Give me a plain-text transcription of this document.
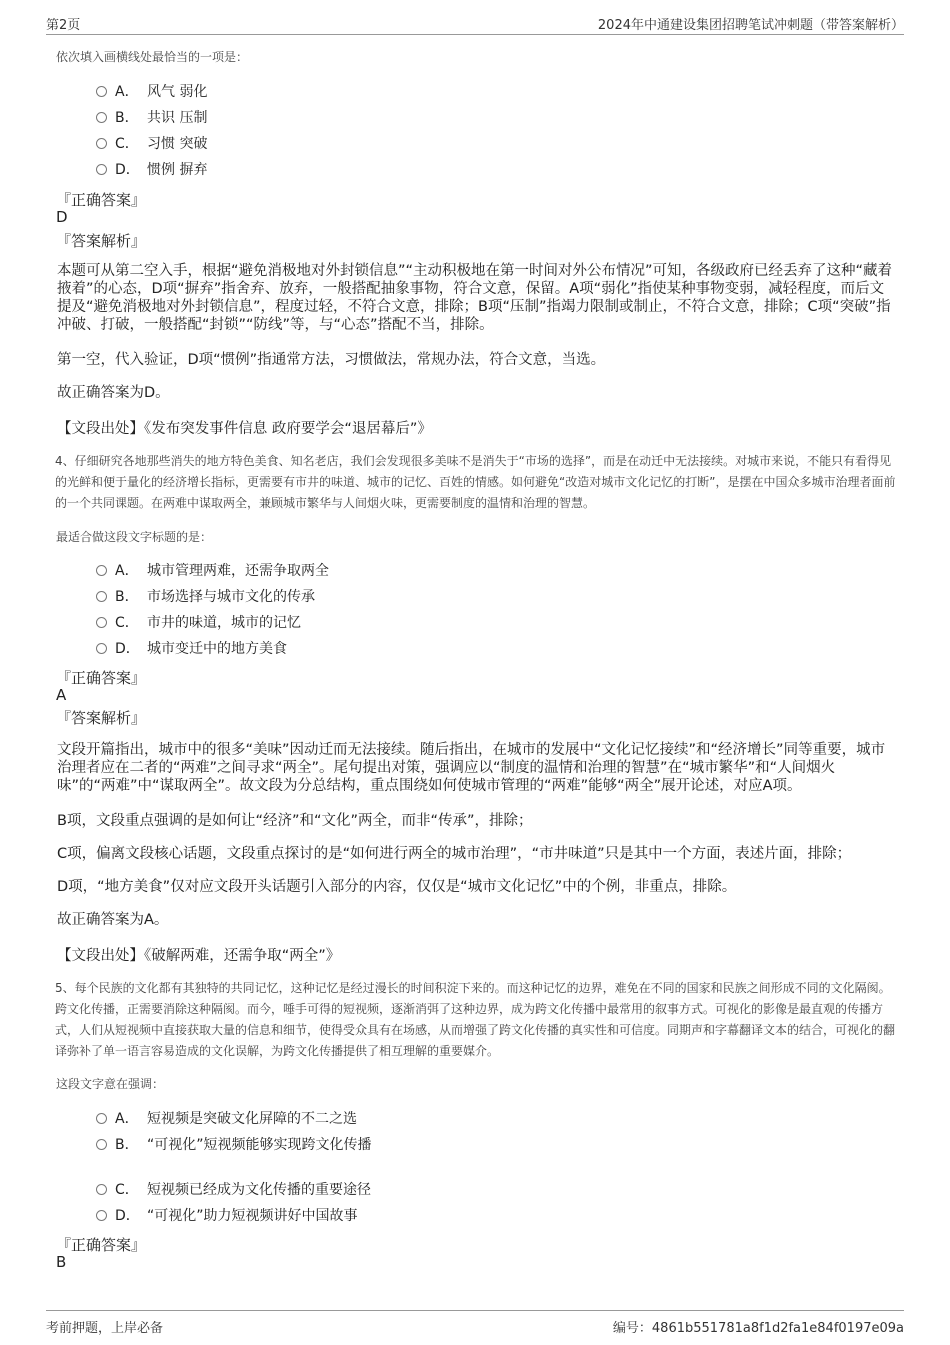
第2页	2024年中通建设集团招聘笔试冲刺题（带答案解析）
依次填入画横线处最恰当的一项是：
A． 风气 弱化
B． 共识 压制
C． 习惯 突破
D． 惯例 摒弃
『正确答案』
D
『答案解析』
本题可从第二空入手，根据“避免消极地对外封锁信息”“主动积极地在第一时间对外公布情况”可知，各级政府已经丢弃了这种“藏着掖着”的心态，D项“摒弃”指舍弃、放弃，一般搭配抽象事物，符合文意，保留。A项“弱化”指使某种事物变弱，减轻程度，而后文提及“避免消极地对外封锁信息”，程度过轻，不符合文意，排除；B项“压制”指竭力限制或制止，不符合文意，排除；C项“突破”指冲破、打破，一般搭配“封锁”“防线”等，与“心态”搭配不当，排除。
第一空，代入验证，D项“惯例”指通常方法，习惯做法，常规办法，符合文意，当选。
故正确答案为D。
【文段出处】《发布突发事件信息 政府要学会“退居幕后”》
4、仔细研究各地那些消失的地方特色美食、知名老店，我们会发现很多美味不是消失于“市场的选择”，而是在动迁中无法接续。对城市来说，不能只有看得见的光鲜和便于量化的经济增长指标，更需要有市井的味道、城市的记忆、百姓的情感。如何避免“改造对城市文化记忆的打断”，是摆在中国众多城市治理者面前的一个共同课题。在两难中谋取两全，兼顾城市繁华与人间烟火味，更需要制度的温情和治理的智慧。
最适合做这段文字标题的是：
A． 城市管理两难，还需争取两全
B． 市场选择与城市文化的传承
C． 市井的味道，城市的记忆
D． 城市变迁中的地方美食
『正确答案』
A
『答案解析』
文段开篇指出，城市中的很多“美味”因动迁而无法接续。随后指出，在城市的发展中“文化记忆接续”和“经济增长”同等重要，城市治理者应在二者的“两难”之间寻求“两全”。尾句提出对策，强调应以“制度的温情和治理的智慧”在“城市繁华”和“人间烟火味”的“两难”中“谋取两全”。故文段为分总结构，重点围绕如何使城市管理的“两难”能够“两全”展开论述，对应A项。
B项，文段重点强调的是如何让“经济”和“文化”两全，而非“传承”，排除；
C项，偏离文段核心话题，文段重点探讨的是“如何进行两全的城市治理”，“市井味道”只是其中一个方面，表述片面，排除；
D项，“地方美食”仅对应文段开头话题引入部分的内容，仅仅是“城市文化记忆”中的个例，非重点，排除。
故正确答案为A。
【文段出处】《破解两难，还需争取“两全”》
5、每个民族的文化都有其独特的共同记忆，这种记忆是经过漫长的时间积淀下来的。而这种记忆的边界，难免在不同的国家和民族之间形成不同的文化隔阂。跨文化传播，正需要消除这种隔阂。而今，唾手可得的短视频，逐渐消弭了这种边界，成为跨文化传播中最常用的叙事方式。可视化的影像是最直观的传播方式，人们从短视频中直接获取大量的信息和细节，使得受众具有在场感，从而增强了跨文化传播的真实性和可信度。同期声和字幕翻译文本的结合，可视化的翻译弥补了单一语言容易造成的文化误解，为跨文化传播提供了相互理解的重要媒介。
这段文字意在强调：
A． 短视频是突破文化屏障的不二之选
B． “可视化”短视频能够实现跨文化传播
C． 短视频已经成为文化传播的重要途径
D． “可视化”助力短视频讲好中国故事
『正确答案』
B
考前押题，上岸必备	编号：4861b551781a8f1d2fa1e84f0197e09a
